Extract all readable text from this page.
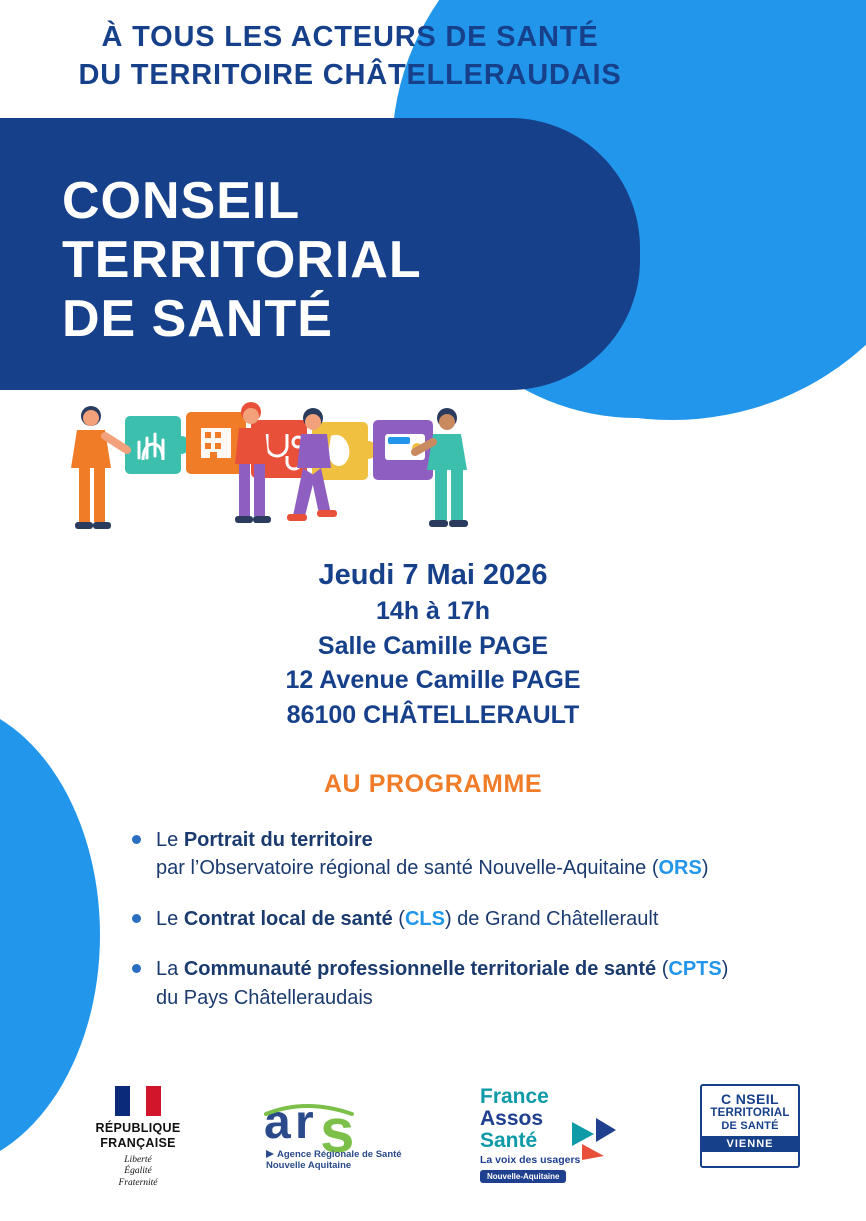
À TOUS LES ACTEURS DE SANTÉ
DU TERRITOIRE CHÂTELLERAUDAIS
CONSEIL
TERRITORIAL
DE SANTÉ
Jeudi 7 Mai 2026
14h à 17h
Salle Camille PAGE
12 Avenue Camille PAGE
86100 CHÂTELLERAULT
AU PROGRAMME
Le Portrait du territoire
par l’Observatoire régional de santé Nouvelle-Aquitaine (ORS)
Le Contrat local de santé (CLS) de Grand Châtellerault
La Communauté professionnelle territoriale de santé (CPTS)
du Pays Châtelleraudais
RÉPUBLIQUE
FRANÇAISE
Liberté
Égalité
Fraternité
a r s
Agence Régionale de Santé
Nouvelle Aquitaine
France
Assos
Santé
La voix des usagers
Nouvelle-Aquitaine
C NSEIL
TERRITORIAL
DE SANTÉ
VIENNE
